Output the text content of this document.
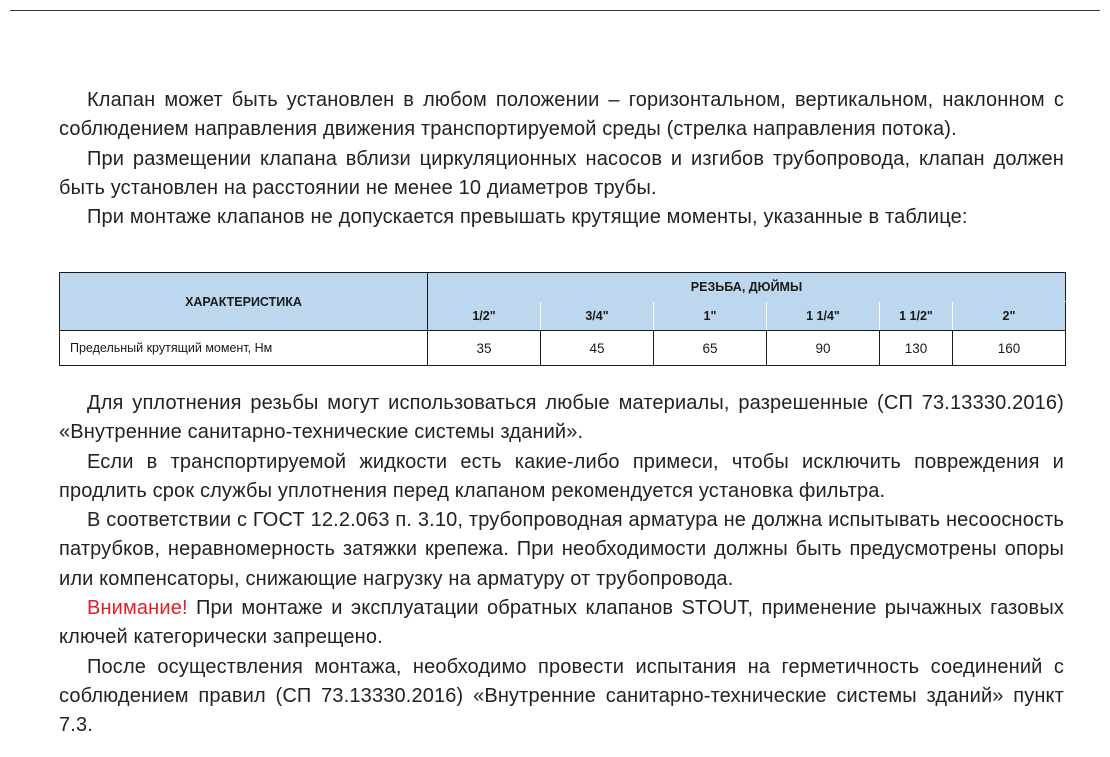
Клапан может быть установлен в любом положении – горизонтальном, вертикальном, наклонном с соблюдением направления движения транспортируемой среды (стрелка направления потока).

При размещении клапана вблизи циркуляционных насосов и изгибов трубопровода, клапан должен быть установлен на расстоянии не менее 10 диаметров трубы.

При монтаже клапанов не допускается превышать крутящие моменты, указанные в таблице:

ХАРАКТЕРИСТИКА	РЕЗЬБА, ДЮЙМЫ					
	1/2"	3/4"	1"	1 1/4"	1 1/2"	2"
Предельный крутящий момент, Нм	35	45	65	90	130	160

Для уплотнения резьбы могут использоваться любые материалы, разрешенные (СП 73.13330.2016) «Внутренние санитарно-технические системы зданий».

Если в транспортируемой жидкости есть какие-либо примеси, чтобы исключить повреждения и продлить срок службы уплотнения перед клапаном рекомендуется установка фильтра.

В соответствии с ГОСТ 12.2.063 п. 3.10, трубопроводная арматура не должна испытывать несоосность патрубков, неравномерность затяжки крепежа. При необходимости должны быть предусмотрены опоры или компенсаторы, снижающие нагрузку на арматуру от трубопровода.

Внимание! При монтаже и эксплуатации обратных клапанов STOUT, применение рычажных газовых ключей категорически запрещено.

После осуществления монтажа, необходимо провести испытания на герметичность соединений с соблюдением правил (СП 73.13330.2016) «Внутренние санитарно-технические системы зданий» пункт 7.3.
